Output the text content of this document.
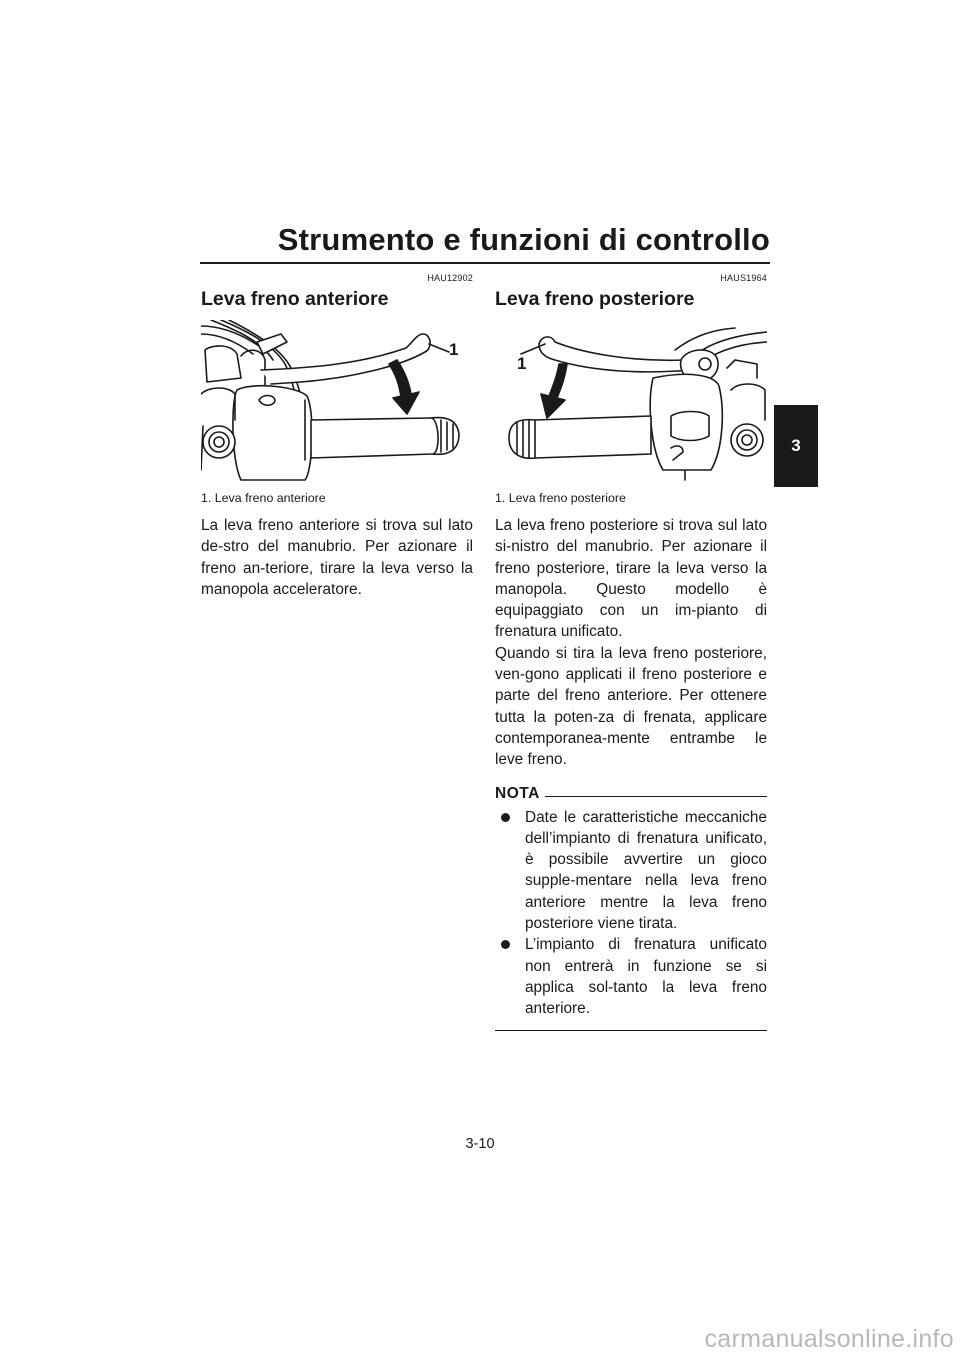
Strumento e funzioni di controllo
3
HAU12902
Leva freno anteriore
1
1. Leva freno anteriore
La leva freno anteriore si trova sul lato de-stro del manubrio. Per azionare il freno an-teriore, tirare la leva verso la manopola acceleratore.
HAUS1964
Leva freno posteriore
1
1. Leva freno posteriore

La leva freno posteriore si trova sul lato si-nistro del manubrio. Per azionare il freno posteriore, tirare la leva verso la manopola. Questo modello è equipaggiato con un im-pianto di frenatura unificato.

Quando si tira la leva freno posteriore, ven-gono applicati il freno posteriore e parte del freno anteriore. Per ottenere tutta la poten-za di frenata, applicare contemporanea-mente entrambe le leve freno.

NOTA
Date le caratteristiche meccaniche dell’impianto di frenatura unificato, è possibile avvertire un gioco supple-mentare nella leva freno anteriore mentre la leva freno posteriore viene tirata.
L’impianto di frenatura unificato non entrerà in funzione se si applica sol-tanto la leva freno anteriore.
3-10
carmanualsonline.info
